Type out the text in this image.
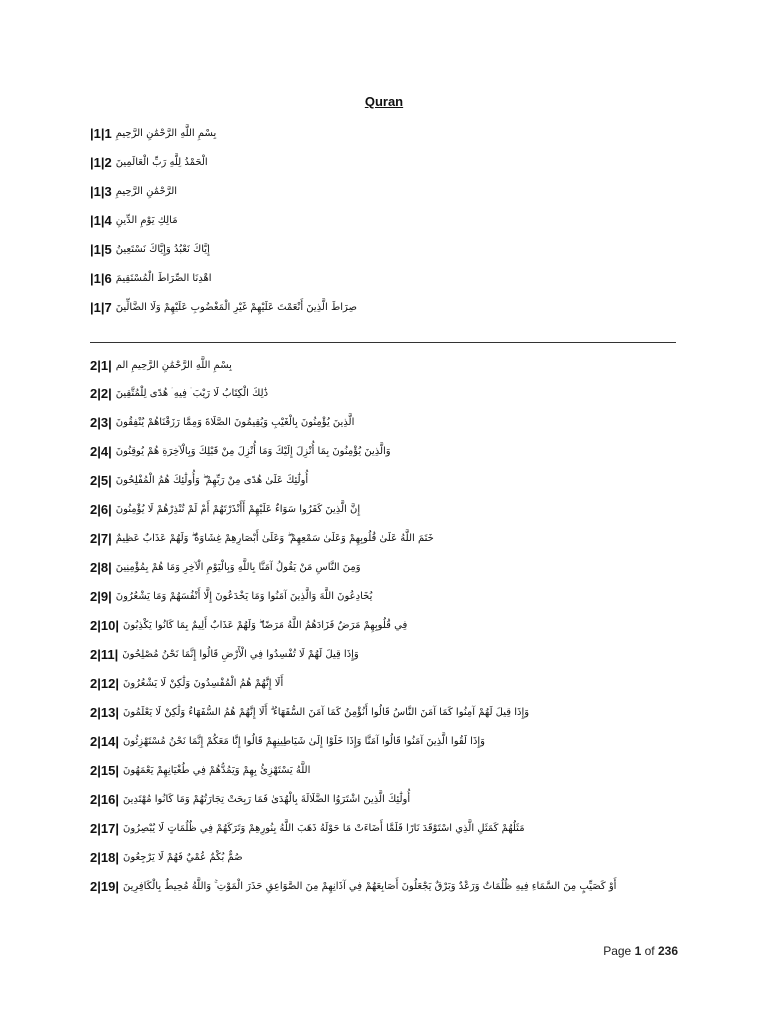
Quran
|1|1 بِسْمِ اللَّهِ الرَّحْمَٰنِ الرَّحِيمِ
|1|2 الْحَمْدُ لِلَّهِ رَبِّ الْعَالَمِينَ
|1|3 الرَّحْمَٰنِ الرَّحِيمِ
|1|4 مَالِكِ يَوْمِ الدِّينِ
|1|5 إِيَّاكَ نَعْبُدُ وَإِيَّاكَ نَسْتَعِينُ
|1|6 اهْدِنَا الصِّرَاطَ الْمُسْتَقِيمَ
|1|7 صِرَاطَ الَّذِينَ أَنْعَمْتَ عَلَيْهِمْ غَيْرِ الْمَغْضُوبِ عَلَيْهِمْ وَلَا الضَّالِّينَ
2|1| بِسْمِ اللَّهِ الرَّحْمَٰنِ الرَّحِيمِ الم
2|2| ذَٰلِكَ الْكِتَابُ لَا رَيْبَ ۛ فِيهِ ۛ هُدًى لِلْمُتَّقِينَ
2|3| الَّذِينَ يُؤْمِنُونَ بِالْغَيْبِ وَيُقِيمُونَ الصَّلَاةَ وَمِمَّا رَزَقْنَاهُمْ يُنْفِقُونَ
2|4| وَالَّذِينَ يُؤْمِنُونَ بِمَا أُنْزِلَ إِلَيْكَ وَمَا أُنْزِلَ مِنْ قَبْلِكَ وَبِالْآخِرَةِ هُمْ يُوقِنُونَ
2|5| أُولَٰئِكَ عَلَىٰ هُدًى مِنْ رَبِّهِمْ ۖ وَأُولَٰئِكَ هُمُ الْمُفْلِحُونَ
2|6| إِنَّ الَّذِينَ كَفَرُوا سَوَاءٌ عَلَيْهِمْ أَأَنْذَرْتَهُمْ أَمْ لَمْ تُنْذِرْهُمْ لَا يُؤْمِنُونَ
2|7| خَتَمَ اللَّهُ عَلَىٰ قُلُوبِهِمْ وَعَلَىٰ سَمْعِهِمْ ۖ وَعَلَىٰ أَبْصَارِهِمْ غِشَاوَةٌ ۖ وَلَهُمْ عَذَابٌ عَظِيمٌ
2|8| وَمِنَ النَّاسِ مَنْ يَقُولُ آمَنَّا بِاللَّهِ وَبِالْيَوْمِ الْآخِرِ وَمَا هُمْ بِمُؤْمِنِينَ
2|9| يُخَادِعُونَ اللَّهَ وَالَّذِينَ آمَنُوا وَمَا يَخْدَعُونَ إِلَّا أَنْفُسَهُمْ وَمَا يَشْعُرُونَ
2|10| فِي قُلُوبِهِمْ مَرَضٌ فَزَادَهُمُ اللَّهُ مَرَضًا ۖ وَلَهُمْ عَذَابٌ أَلِيمٌ بِمَا كَانُوا يَكْذِبُونَ
2|11| وَإِذَا قِيلَ لَهُمْ لَا تُفْسِدُوا فِي الْأَرْضِ قَالُوا إِنَّمَا نَحْنُ مُصْلِحُونَ
2|12| أَلَا إِنَّهُمْ هُمُ الْمُفْسِدُونَ وَلَٰكِنْ لَا يَشْعُرُونَ
2|13| وَإِذَا قِيلَ لَهُمْ آمِنُوا كَمَا آمَنَ النَّاسُ قَالُوا أَنُؤْمِنُ كَمَا آمَنَ السُّفَهَاءُ ۗ أَلَا إِنَّهُمْ هُمُ السُّفَهَاءُ وَلَٰكِنْ لَا يَعْلَمُونَ
2|14| وَإِذَا لَقُوا الَّذِينَ آمَنُوا قَالُوا آمَنَّا وَإِذَا خَلَوْا إِلَىٰ شَيَاطِينِهِمْ قَالُوا إِنَّا مَعَكُمْ إِنَّمَا نَحْنُ مُسْتَهْزِئُونَ
2|15| اللَّهُ يَسْتَهْزِئُ بِهِمْ وَيَمُدُّهُمْ فِي طُغْيَانِهِمْ يَعْمَهُونَ
2|16| أُولَٰئِكَ الَّذِينَ اشْتَرَوُا الضَّلَالَةَ بِالْهُدَىٰ فَمَا رَبِحَتْ تِجَارَتُهُمْ وَمَا كَانُوا مُهْتَدِينَ
2|17| مَثَلُهُمْ كَمَثَلِ الَّذِي اسْتَوْقَدَ نَارًا فَلَمَّا أَضَاءَتْ مَا حَوْلَهُ ذَهَبَ اللَّهُ بِنُورِهِمْ وَتَرَكَهُمْ فِي ظُلُمَاتٍ لَا يُبْصِرُونَ
2|18| صُمٌّ بُكْمٌ عُمْيٌ فَهُمْ لَا يَرْجِعُونَ
2|19| أَوْ كَصَيِّبٍ مِنَ السَّمَاءِ فِيهِ ظُلُمَاتٌ وَرَعْدٌ وَبَرْقٌ يَجْعَلُونَ أَصَابِعَهُمْ فِي آذَانِهِمْ مِنَ الصَّوَاعِقِ حَذَرَ الْمَوْتِ ۚ وَاللَّهُ مُحِيطٌ بِالْكَافِرِينَ
Page 1 of 236
